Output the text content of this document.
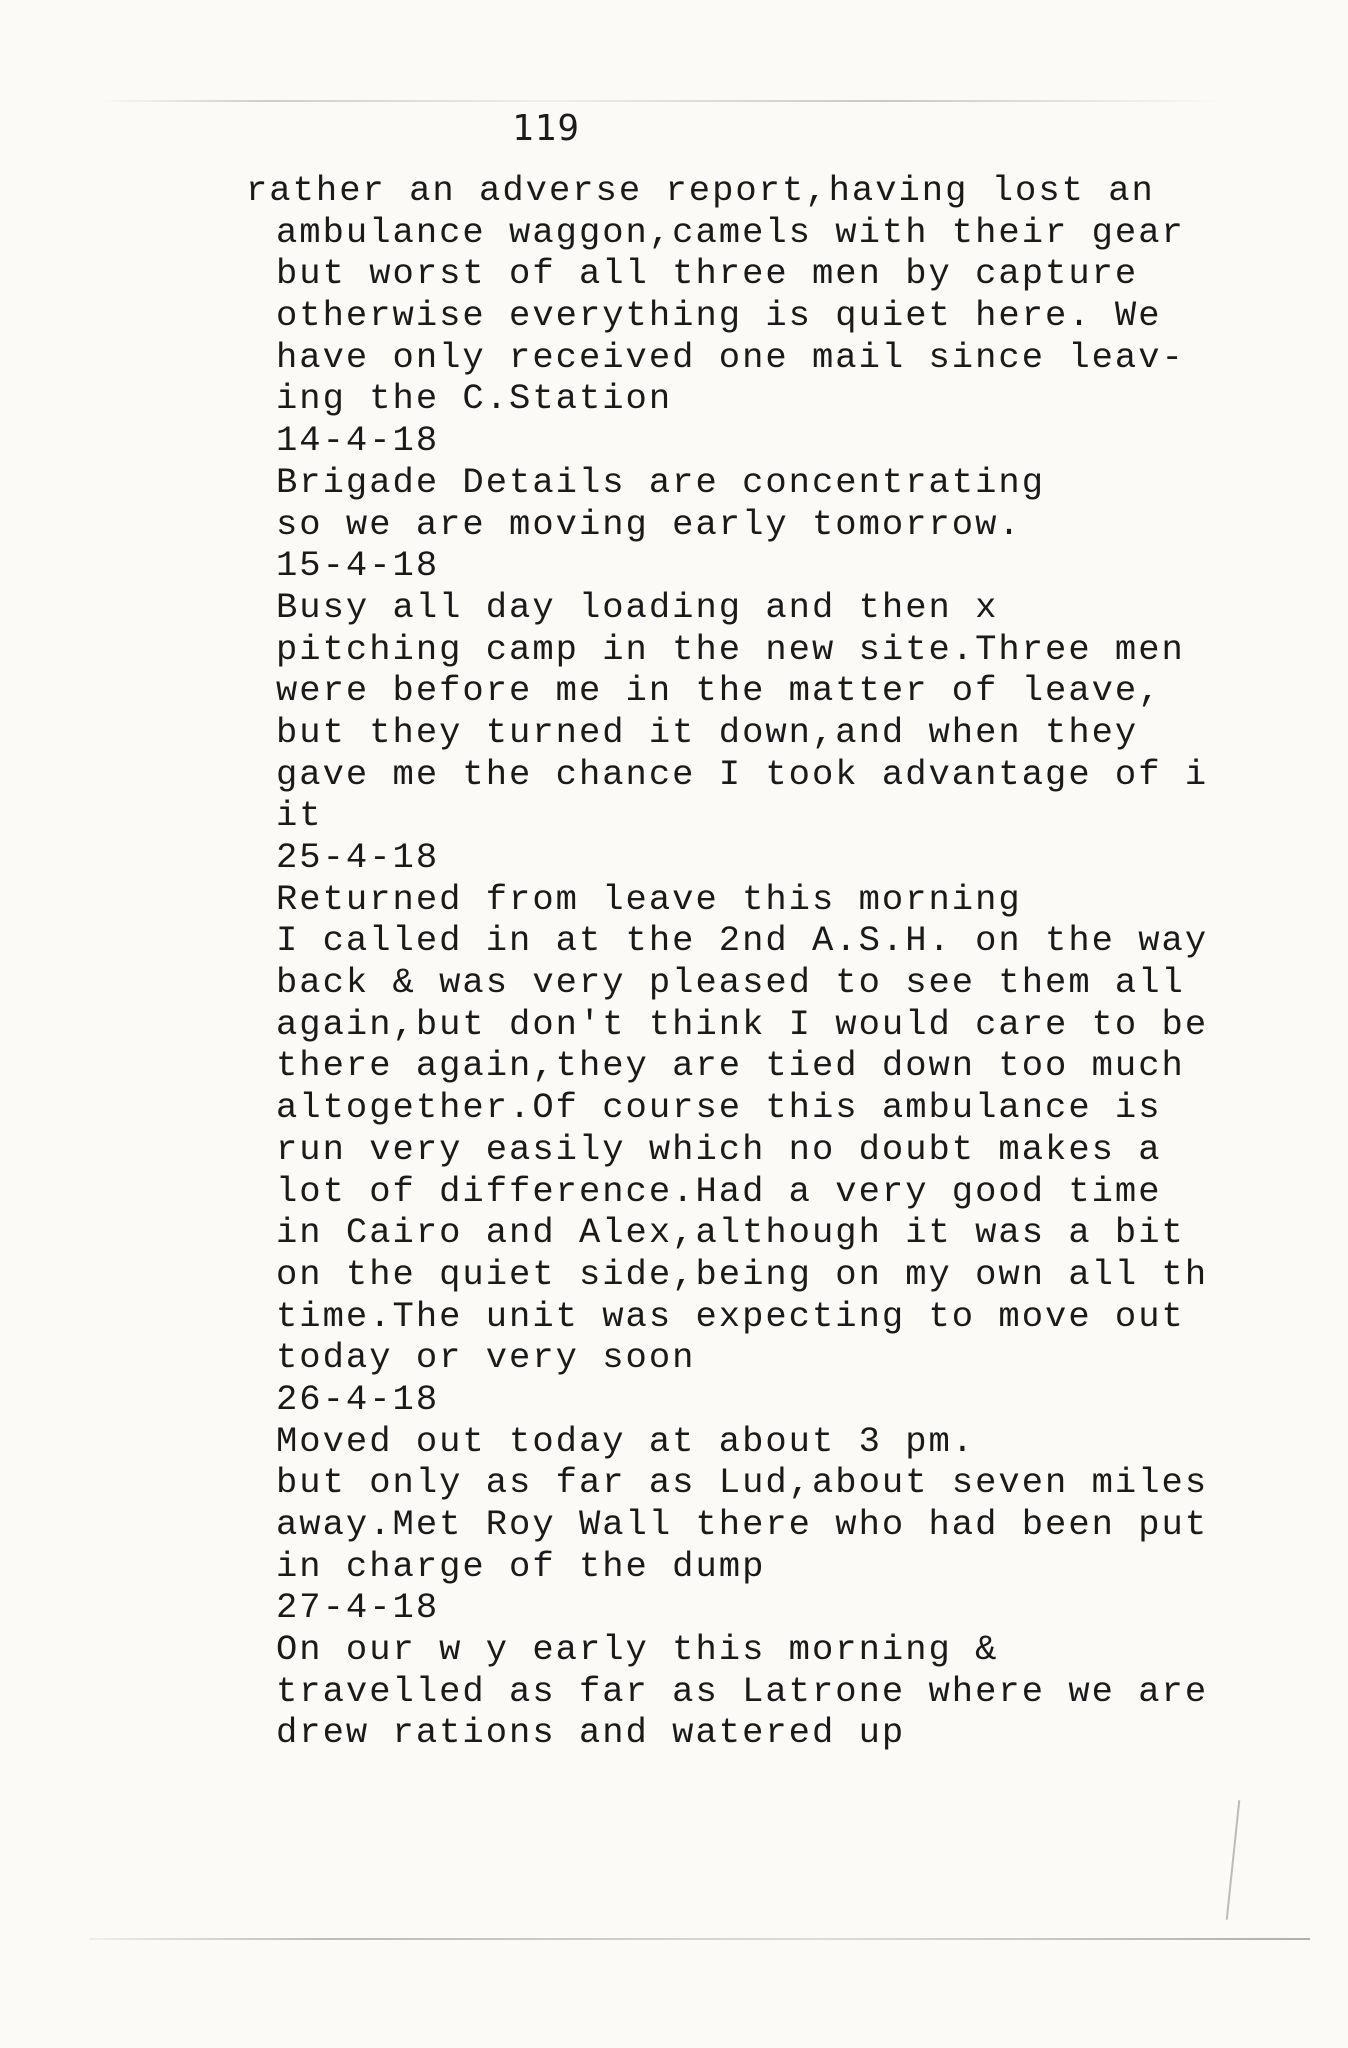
119
rather an adverse report,having lost an
ambulance waggon,camels with their gear
but worst of all three men by capture
otherwise everything is quiet here. We
have only received one mail since leav-
ing the C.Station
14-4-18
Brigade Details are concentrating
so we are moving early tomorrow.
15-4-18
Busy all day loading and then x
pitching camp in the new site.Three men
were before me in the matter of leave,
but they turned it down,and when they
gave me the chance I took advantage of i
it
25-4-18
Returned from leave this morning
I called in at the 2nd A.S.H. on the way
back & was very pleased to see them all
again,but don't think I would care to be
there again,they are tied down too much
altogether.Of course this ambulance is
run very easily which no doubt makes a
lot of difference.Had a very good time
in Cairo and Alex,although it was a bit
on the quiet side,being on my own all th
time.The unit was expecting to move out
today or very soon
26-4-18
Moved out today at about 3 pm.
but only as far as Lud,about seven miles
away.Met Roy Wall there who had been put
in charge of the dump
27-4-18
On our w y early this morning &
travelled as far as Latrone where we are
drew rations and watered up
